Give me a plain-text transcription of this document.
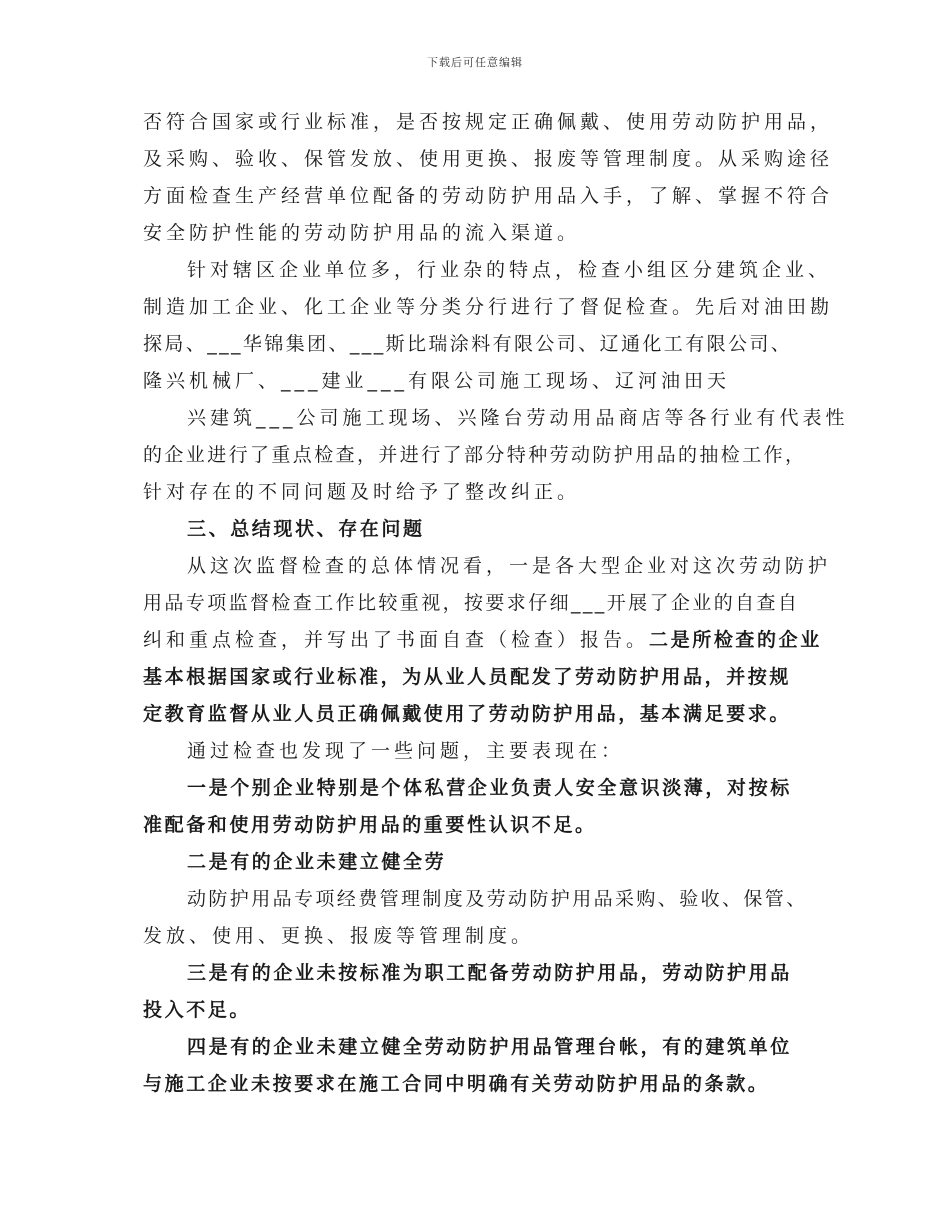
下载后可任意编辑
否符合国家或行业标准，是否按规定正确佩戴、使用劳动防护用品，
及采购、验收、保管发放、使用更换、报废等管理制度。从采购途径
方面检查生产经营单位配备的劳动防护用品入手，了解、掌握不符合
安全防护性能的劳动防护用品的流入渠道。
针对辖区企业单位多，行业杂的特点，检查小组区分建筑企业、
制造加工企业、化工企业等分类分行进行了督促检查。先后对油田勘
探局、___华锦集团、___斯比瑞涂料有限公司、辽通化工有限公司、
隆兴机械厂、___建业___有限公司施工现场、辽河油田天
兴建筑___公司施工现场、兴隆台劳动用品商店等各行业有代表性
的企业进行了重点检查，并进行了部分特种劳动防护用品的抽检工作，
针对存在的不同问题及时给予了整改纠正。
三、总结现状、存在问题
从这次监督检查的总体情况看，一是各大型企业对这次劳动防护
用品专项监督检查工作比较重视，按要求仔细___开展了企业的自查自
纠和重点检查，并写出了书面自查（检查）报告。二是所检查的企业
基本根据国家或行业标准，为从业人员配发了劳动防护用品，并按规
定教育监督从业人员正确佩戴使用了劳动防护用品，基本满足要求。
通过检查也发现了一些问题，主要表现在：
一是个别企业特别是个体私营企业负责人安全意识淡薄，对按标
准配备和使用劳动防护用品的重要性认识不足。
二是有的企业未建立健全劳
动防护用品专项经费管理制度及劳动防护用品采购、验收、保管、
发放、使用、更换、报废等管理制度。
三是有的企业未按标准为职工配备劳动防护用品，劳动防护用品
投入不足。
四是有的企业未建立健全劳动防护用品管理台帐，有的建筑单位
与施工企业未按要求在施工合同中明确有关劳动防护用品的条款。
